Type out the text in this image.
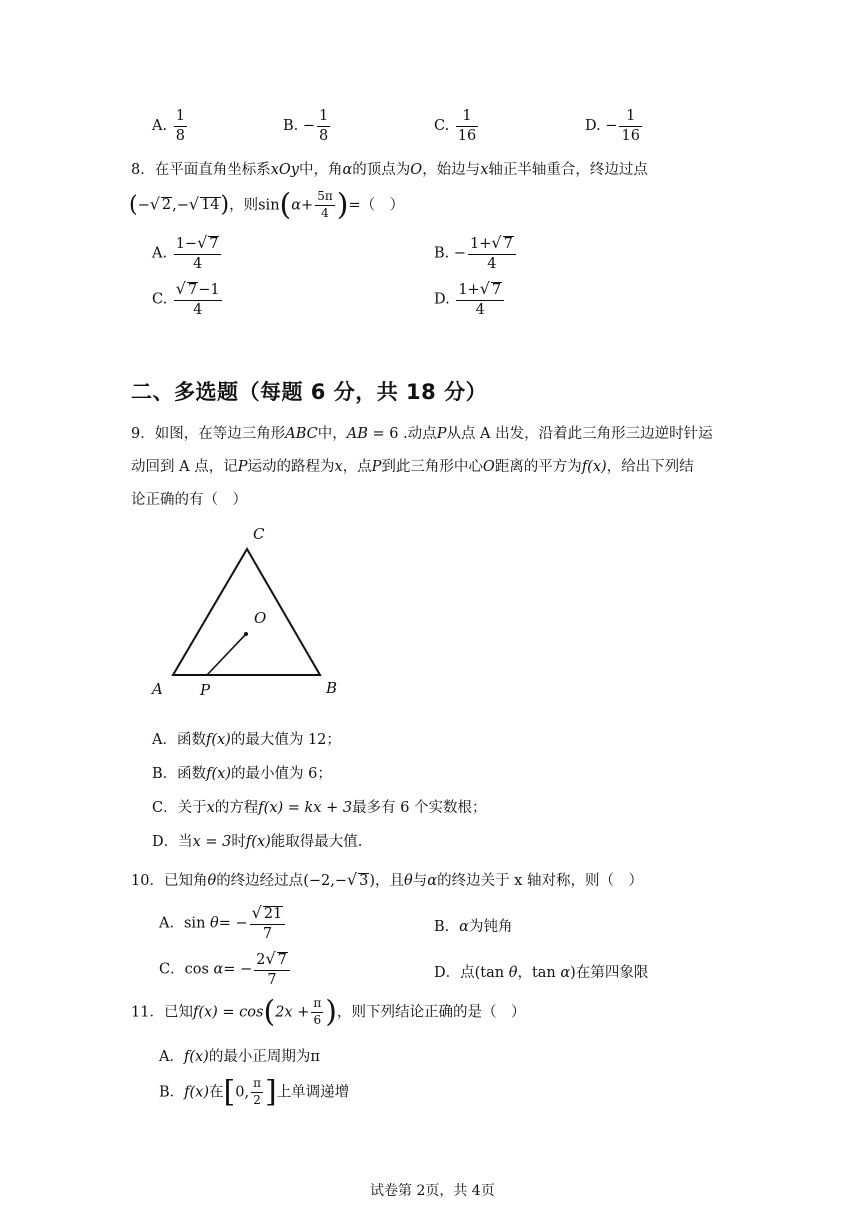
A. $\frac{1}{8}$	B. − $\frac{1}{8}$	C. $\frac{1}{16}$	D. − $\frac{1}{16}$
8．在平面直角坐标系xOy中，角α的顶点为O，始边与x轴正半轴重合，终边过点
(−√ 2,−√ 14)，则$\sin(\alpha+ \frac{5\pi}{4}$ )=（　）
A. $\frac{1-√ 7}{4}$	B. − $\frac{1+√ 7}{4}$
C. $\frac{√ 7-1}{4}$	D. $\frac{1+√ 7}{4}$
二、多选题（每题 6 分，共 18 分）
9．如图，在等边三角形ABC中，AB = 6 .动点P从点 A 出发，沿着此三角形三边逆时针运
动回到 A 点，记P运动的路程为x，点P到此三角形中心O距离的平方为f(x)，给出下列结
论正确的有（　）
C
O
A P	B
A．函数f(x)的最大值为 12；
B．函数f(x)的最小值为 6；
C．关于x的方程f(x) = kx + 3最多有 6 个实数根；
D．当x = 3时f(x)能取得最大值.
10．已知角θ的终边经过点(−2,−√ 3)，且θ与α的终边关于 x 轴对称，则（　）
A．$\sin \theta= - \frac{√ 21}{7}$	B．α为钝角
C．$\cos \alpha= - \frac{2√ 7}{7}$	D．点(tan θ，tan α)在第四象限
11．已知$f(x) = \cos(2x + \frac{\pi}{6}$ )，则下列结论正确的是（　）
A．f(x)的最小正周期为π
B．f(x)在[0, $\frac{\pi}{2}$ ]上单调递增
试卷第 2页，共 4页
